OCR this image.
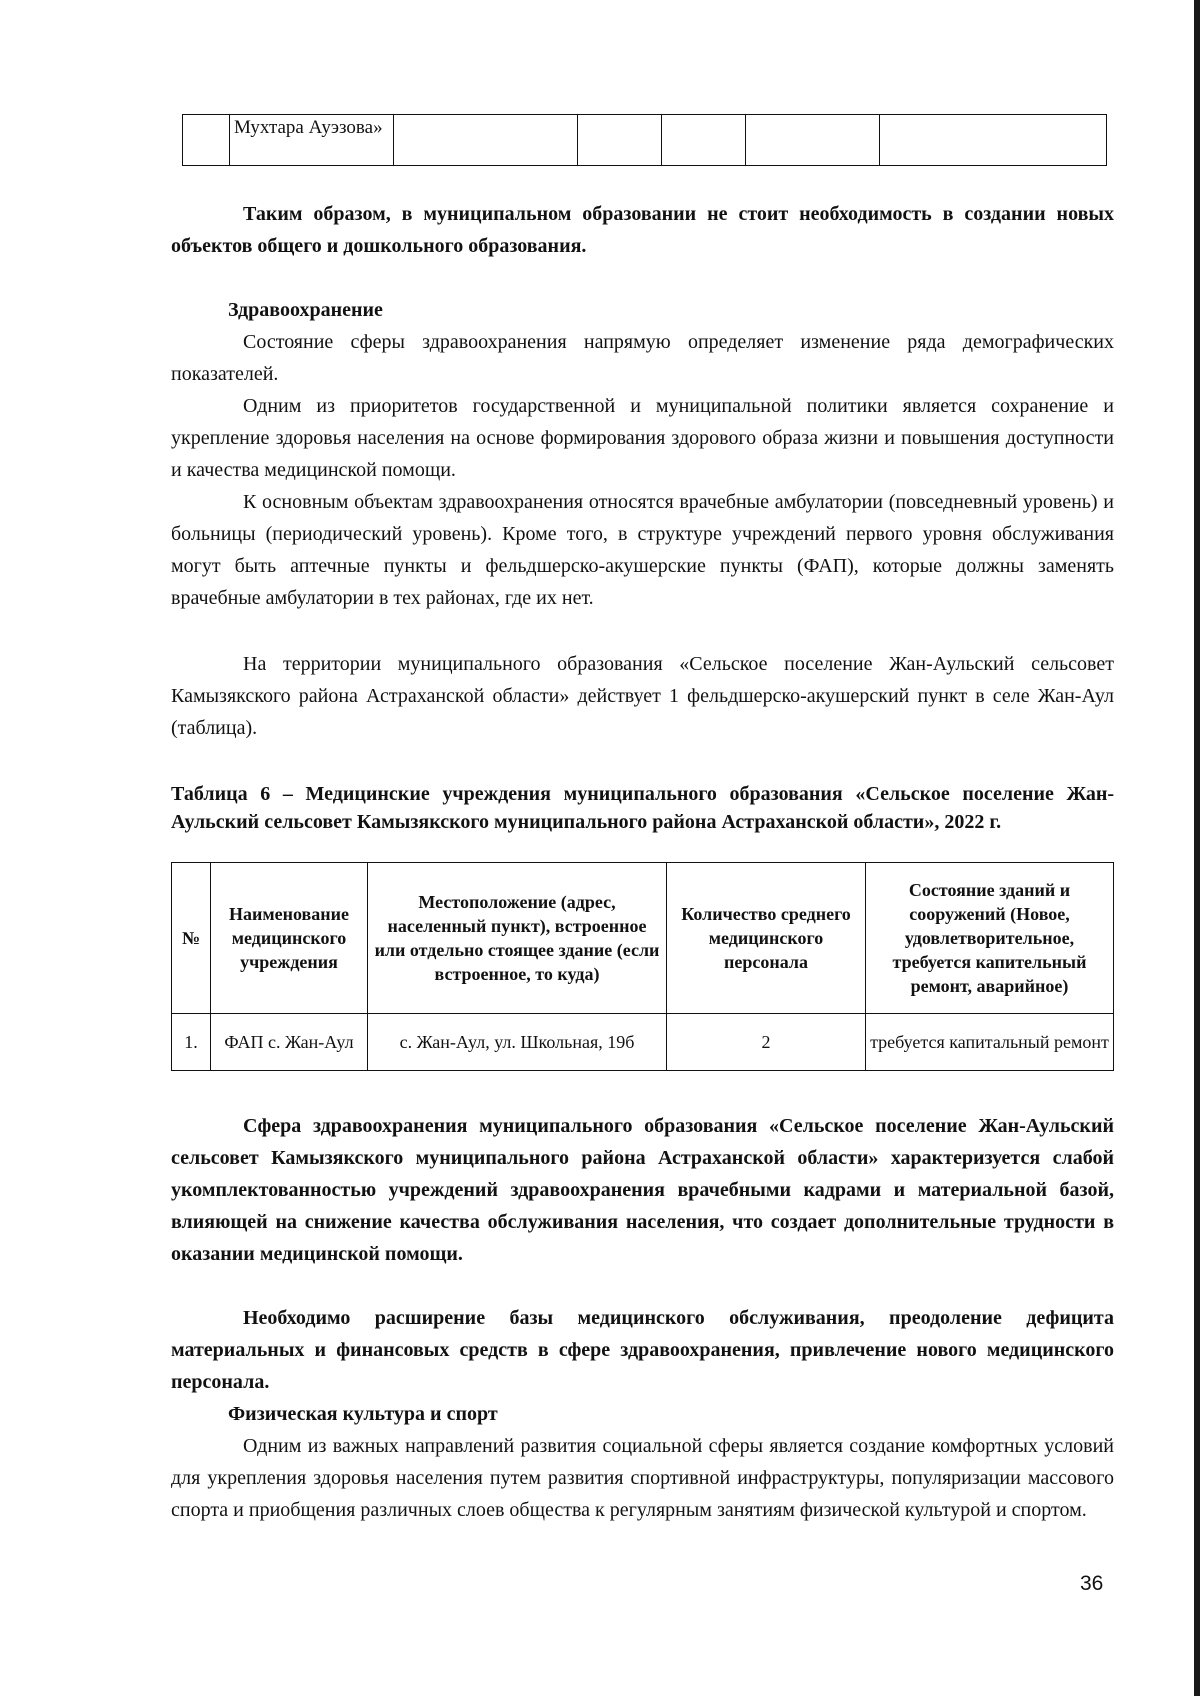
	Мухтара Ауэзова»					

Таким образом, в муниципальном образовании не стоит необходимость в создании новых объектов общего и дошкольного образования.

Здравоохранение

Состояние сферы здравоохранения напрямую определяет изменение ряда демографических показателей.

Одним из приоритетов государственной и муниципальной политики является сохранение и укрепление здоровья населения на основе формирования здорового образа жизни и повышения доступности и качества медицинской помощи.

К основным объектам здравоохранения относятся врачебные амбулатории (повседневный уровень) и больницы (периодический уровень). Кроме того, в структуре учреждений первого уровня обслуживания могут быть аптечные пункты и фельдшерско-акушерские пункты (ФАП), которые должны заменять врачебные амбулатории в тех районах, где их нет.

На территории муниципального образования «Сельское поселение Жан-Аульский сельсовет Камызякского района Астраханской области» действует 1 фельдшерско-акушерский пункт в селе Жан-Аул (таблица).

Таблица 6 – Медицинские учреждения муниципального образования «Сельское поселение Жан-Аульский сельсовет Камызякского муниципального района Астраханской области», 2022 г.

№	Наименование медицинского учреждения	Местоположение (адрес, населенный пункт), встроенное или отдельно стоящее здание (если встроенное, то куда)	Количество среднего медицинского персонала	Состояние зданий и сооружений (Новое, удовлетворительное, требуется капительный ремонт, аварийное)
1.	ФАП с. Жан-Аул	с. Жан-Аул, ул. Школьная, 19б	2	требуется капитальный ремонт

Сфера здравоохранения муниципального образования «Сельское поселение Жан-Аульский сельсовет Камызякского муниципального района Астраханской области» характеризуется слабой укомплектованностью учреждений здравоохранения врачебными кадрами и материальной базой, влияющей на снижение качества обслуживания населения, что создает дополнительные трудности в оказании медицинской помощи.

Необходимо расширение базы медицинского обслуживания, преодоление дефицита материальных и финансовых средств в сфере здравоохранения, привлечение нового медицинского персонала.

Физическая культура и спорт

Одним из важных направлений развития социальной сферы является создание комфортных условий для укрепления здоровья населения путем развития спортивной инфраструктуры, популяризации массового спорта и приобщения различных слоев общества к регулярным занятиям физической культурой и спортом.

36
